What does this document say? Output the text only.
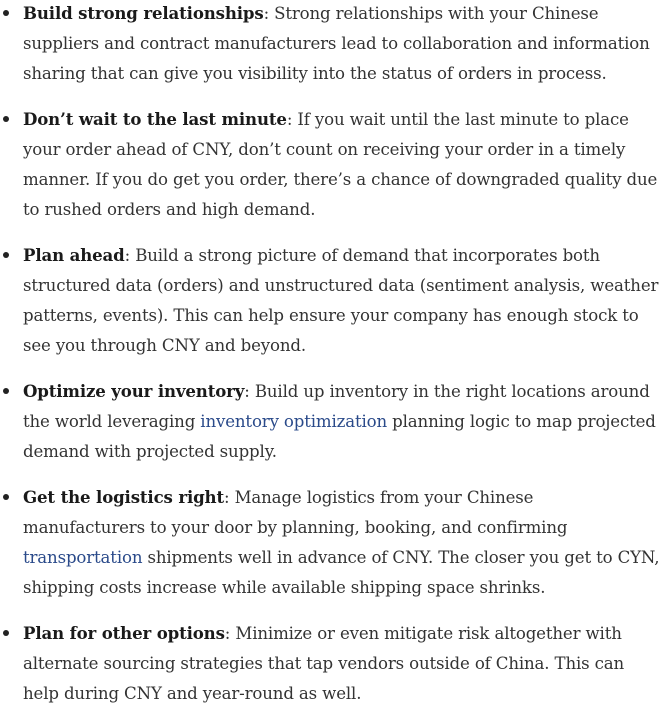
Build strong relationships: Strong relationships with your Chinese suppliers and contract manufacturers lead to collaboration and information sharing that can give you visibility into the status of orders in process.
Don’t wait to the last minute: If you wait until the last minute to place your order ahead of CNY, don’t count on receiving your order in a timely manner. If you do get you order, there’s a chance of downgraded quality due to rushed orders and high demand.
Plan ahead: Build a strong picture of demand that incorporates both structured data (orders) and unstructured data (sentiment analysis, weather patterns, events). This can help ensure your company has enough stock to see you through CNY and beyond.
Optimize your inventory: Build up inventory in the right locations around the world leveraging inventory optimization planning logic to map projected demand with projected supply.
Get the logistics right: Manage logistics from your Chinese manufacturers to your door by planning, booking, and confirming transportation shipments well in advance of CNY. The closer you get to CYN, shipping costs increase while available shipping space shrinks.
Plan for other options: Minimize or even mitigate risk altogether with alternate sourcing strategies that tap vendors outside of China. This can help during CNY and year-round as well.
